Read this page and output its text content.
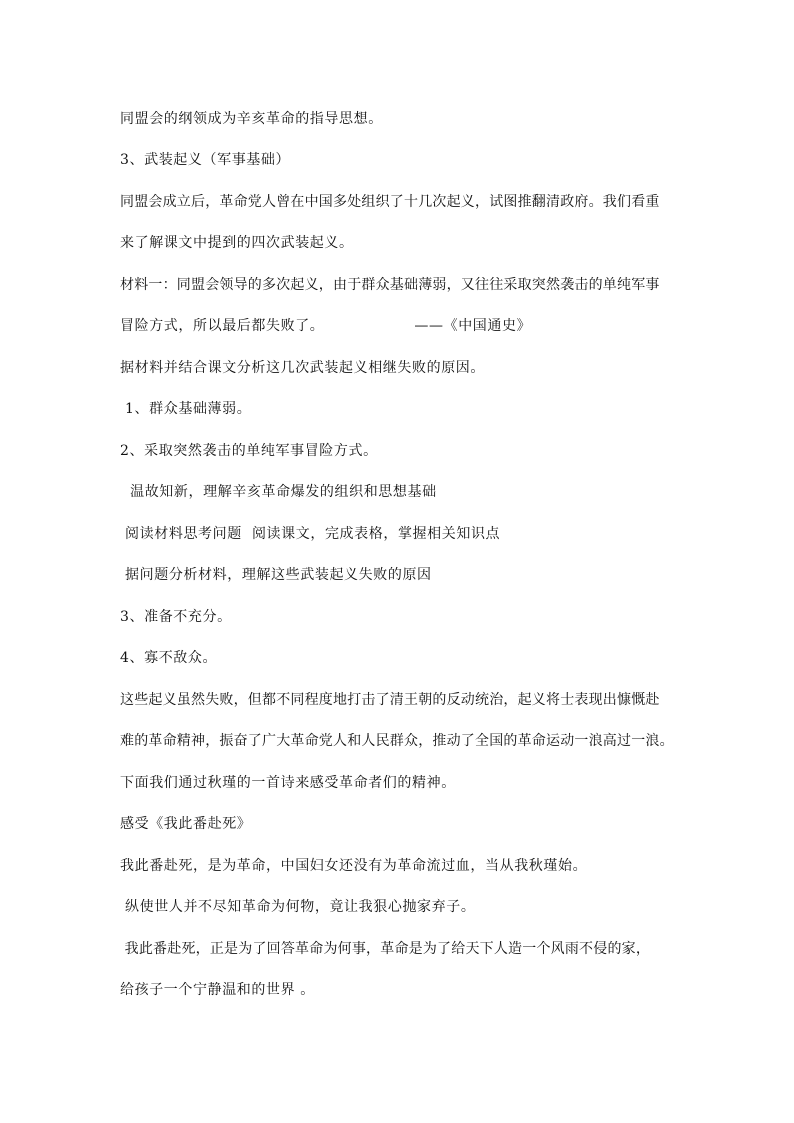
同盟会的纲领成为辛亥革命的指导思想。
3、武装起义（军事基础）
同盟会成立后，革命党人曾在中国多处组织了十几次起义，试图推翻清政府。我们看重
来了解课文中提到的四次武装起义。
材料一：同盟会领导的多次起义，由于群众基础薄弱，又往往采取突然袭击的单纯军事
冒险方式，所以最后都失败了。	——《中国通史》
据材料并结合课文分析这几次武装起义相继失败的原因。
1、群众基础薄弱。
2、采取突然袭击的单纯军事冒险方式。
温故知新，理解辛亥革命爆发的组织和思想基础
阅读材料思考问题  阅读课文，完成表格，掌握相关知识点
据问题分析材料，理解这些武装起义失败的原因
3、准备不充分。
4、寡不敌众。
这些起义虽然失败，但都不同程度地打击了清王朝的反动统治，起义将士表现出慷慨赴
难的革命精神，振奋了广大革命党人和人民群众，推动了全国的革命运动一浪高过一浪。
下面我们通过秋瑾的一首诗来感受革命者们的精神。
感受《我此番赴死》
我此番赴死，是为革命，中国妇女还没有为革命流过血，当从我秋瑾始。
纵使世人并不尽知革命为何物，竟让我狠心抛家弃子。
我此番赴死，正是为了回答革命为何事，革命是为了给天下人造一个风雨不侵的家，
给孩子一个宁静温和的世界 。
